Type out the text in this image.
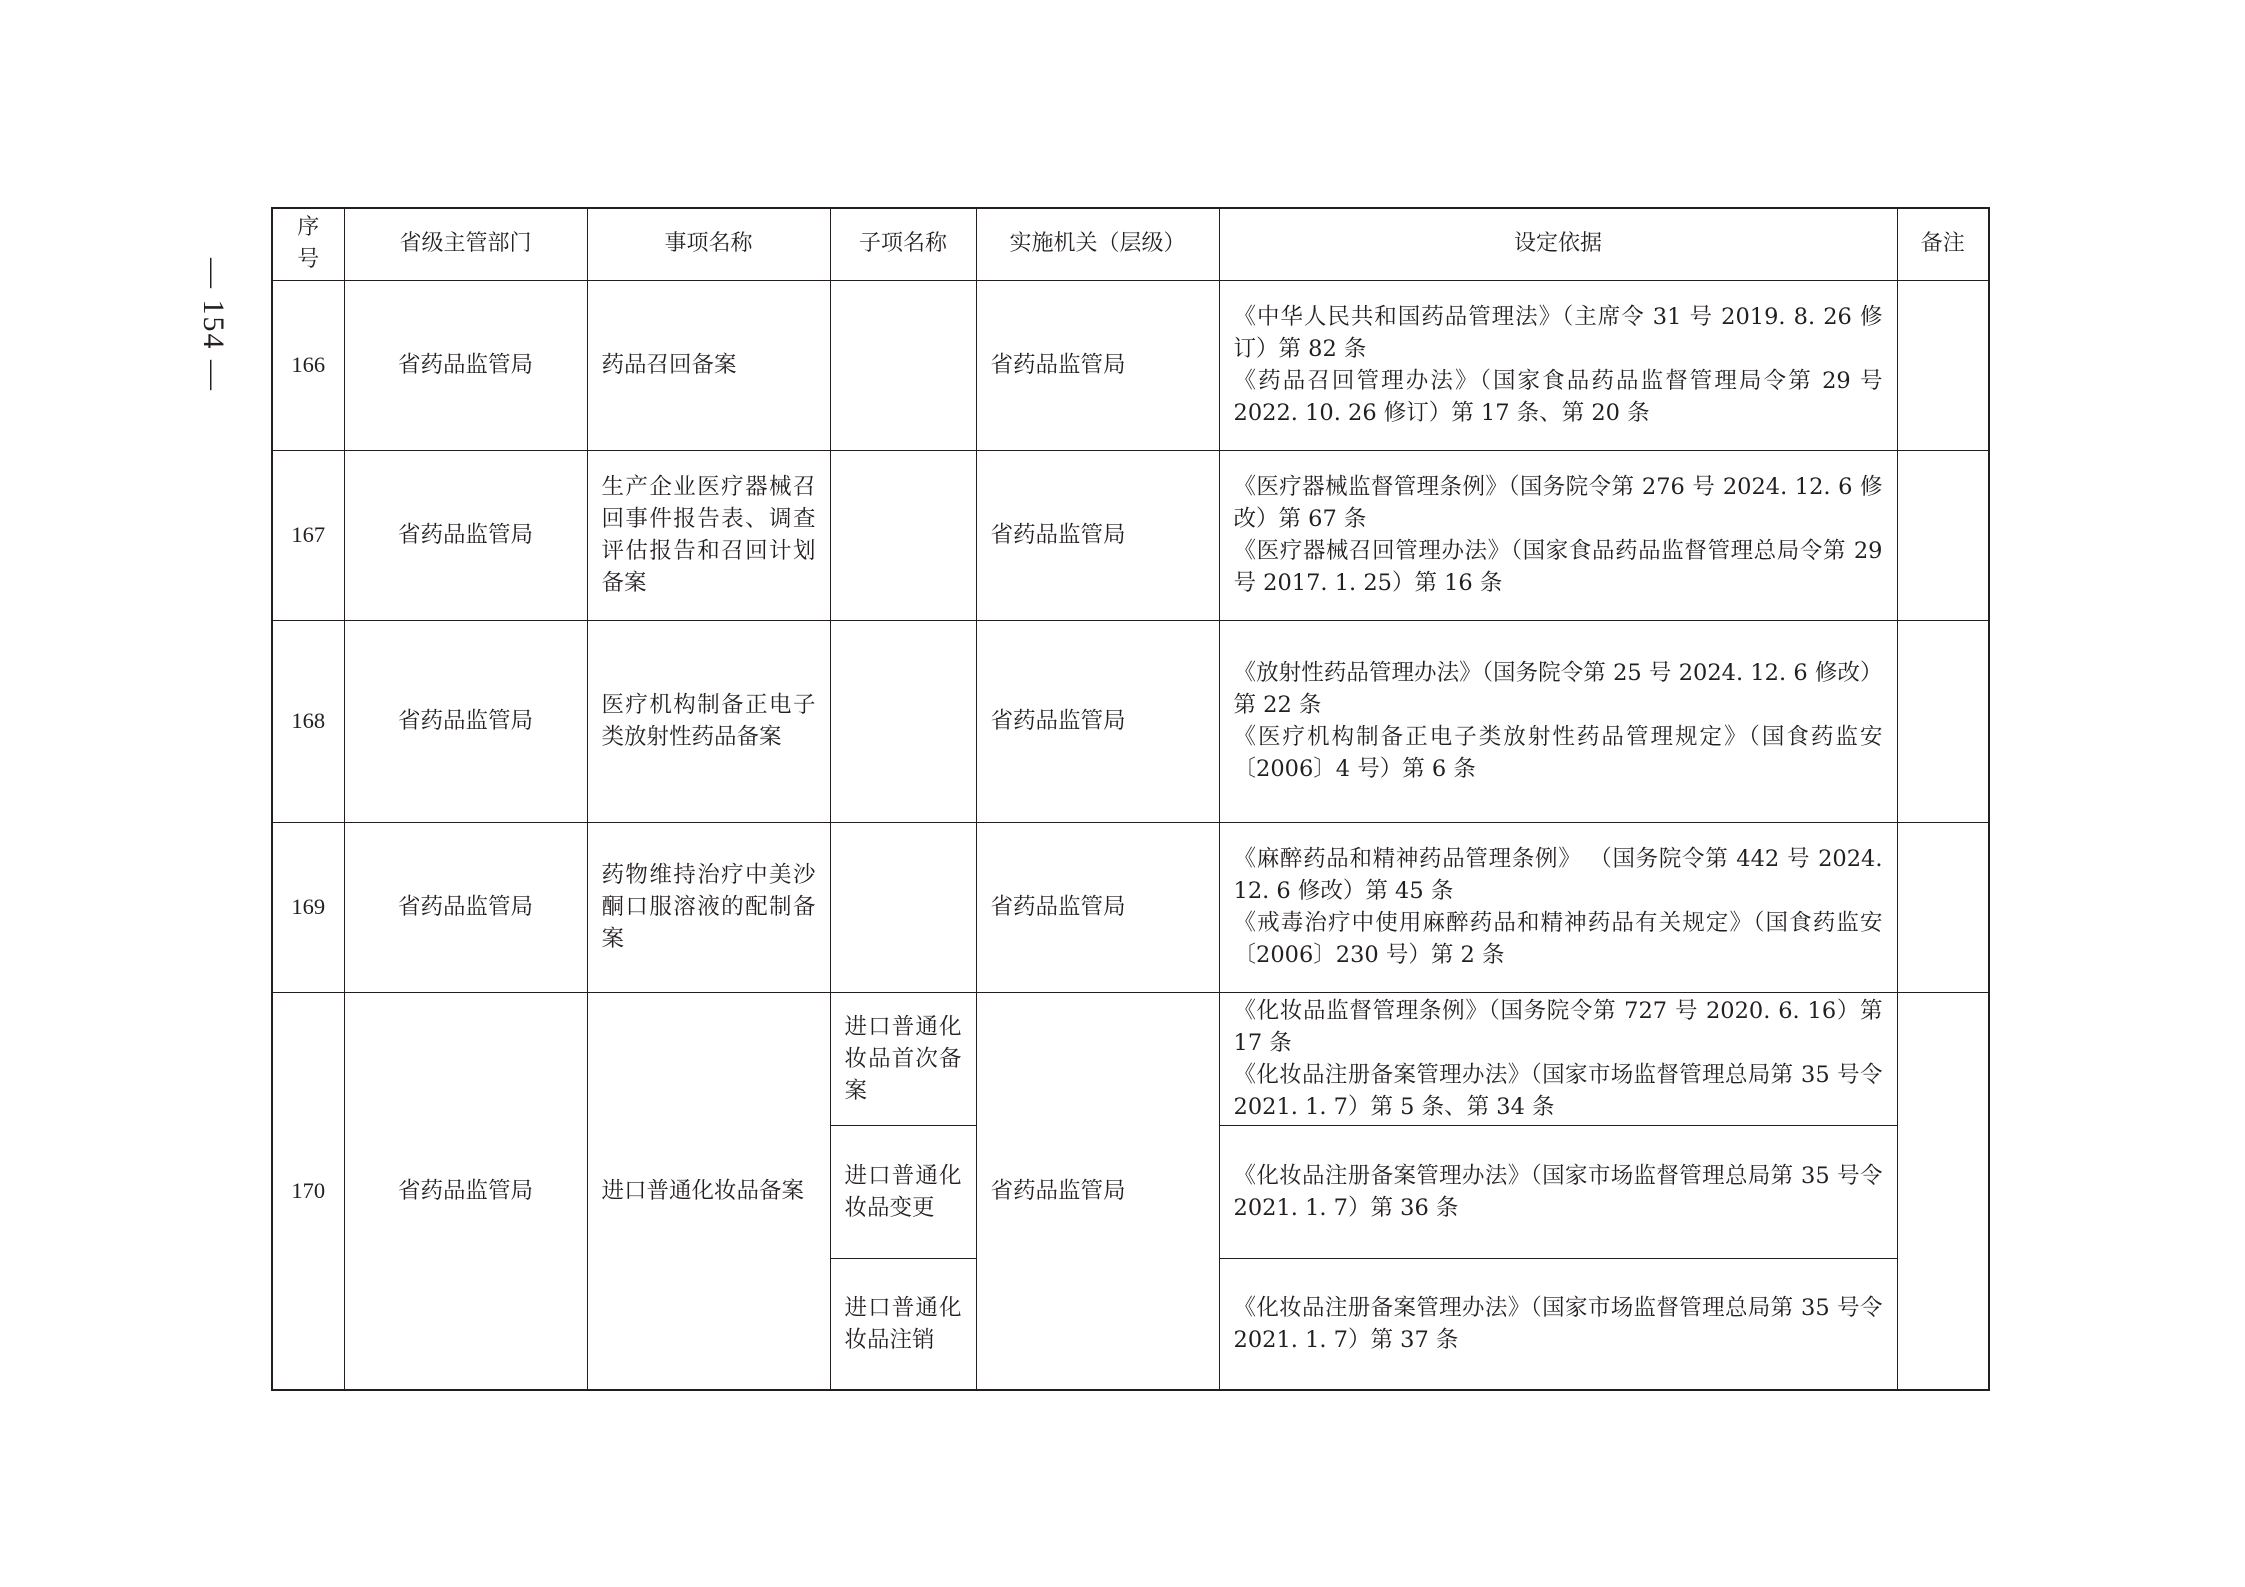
— 154 —
序号	省级主管部门	事项名称	子项名称	实施机关（层级）	设定依据	备注
166	省药品监管局	药品召回备案		省药品监管局	《中华人民共和国药品管理法》（主席令 31 号 2019. 8. 26 修订）第 82 条
《药品召回管理办法》（国家食品药品监督管理局令第 29 号 2022. 10. 26 修订）第 17 条、第 20 条	

167	省药品监管局	生产企业医疗器械召回事件报告表、调查评估报告和召回计划备案		省药品监管局	《医疗器械监督管理条例》（国务院令第 276 号 2024. 12. 6 修改）第 67 条
《医疗器械召回管理办法》（国家食品药品监督管理总局令第 29 号 2017. 1. 25）第 16 条	

168	省药品监管局	医疗机构制备正电子类放射性药品备案		省药品监管局	《放射性药品管理办法》（国务院令第 25 号 2024. 12. 6 修改）第 22 条
《医疗机构制备正电子类放射性药品管理规定》（国食药监安〔2006〕4 号）第 6 条	

169	省药品监管局	药物维持治疗中美沙酮口服溶液的配制备案		省药品监管局	《麻醉药品和精神药品管理条例》 （国务院令第 442 号 2024. 12. 6 修改）第 45 条
《戒毒治疗中使用麻醉药品和精神药品有关规定》（国食药监安〔2006〕230 号）第 2 条	

170	省药品监管局	进口普通化妆品备案	进口普通化妆品首次备案	省药品监管局	《化妆品监督管理条例》（国务院令第 727 号 2020. 6. 16）第 17 条
《化妆品注册备案管理办法》（国家市场监督管理总局第 35 号令 2021. 1. 7）第 5 条、第 34 条	

			进口普通化妆品变更		《化妆品注册备案管理办法》（国家市场监督管理总局第 35 号令 2021. 1. 7）第 36 条	

			进口普通化妆品注销		《化妆品注册备案管理办法》（国家市场监督管理总局第 35 号令 2021. 1. 7）第 37 条	
